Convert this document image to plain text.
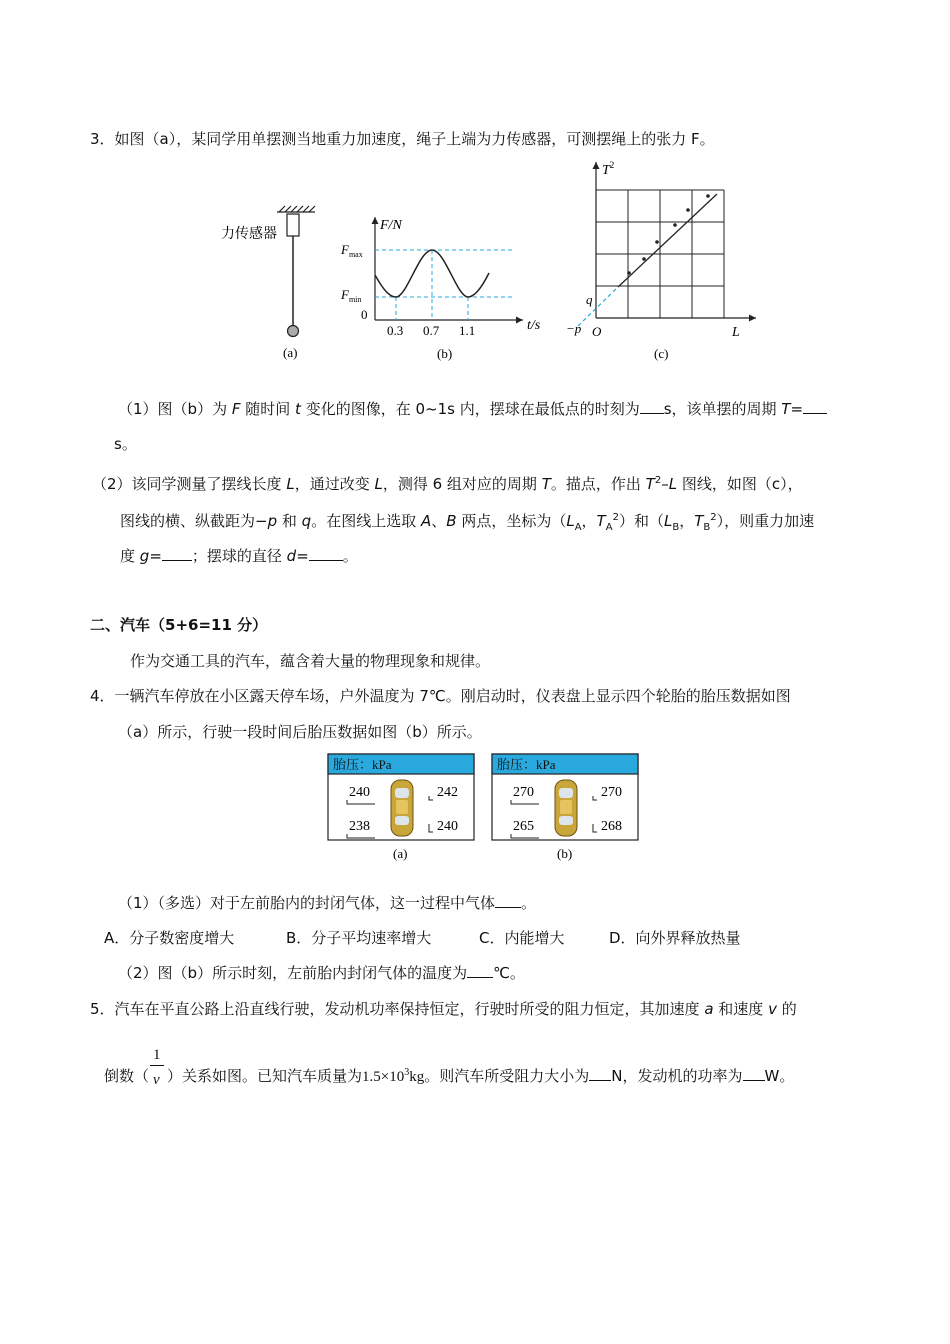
3．如图（a），某同学用单摆测当地重力加速度，绳子上端为力传感器，可测摆绳上的张力 F。
力传感器
(a)
F/N
t/s
0
$F_{max}$
$F_{min}$
0.3 0.7 1.1
(b)
$T^2$
L
O
q
−p
(c)
（1）图（b）为 F 随时间 t 变化的图像，在 0~1s 内，摆球在最低点的时刻为 s，该单摆的周期 T=
s。
（2）该同学测量了摆线长度 L，通过改变 L，测得 6 组对应的周期 T。描点，作出 $T^2-L$ 图线，如图（c），
图线的横、纵截距为−p 和 q。在图线上选取 A、B 两点，坐标为（$L_A$，$T_A^2$）和（$L_B$，$T_B^2$），则重力加速
度 g= ；摆球的直径 d= 。
二、汽车（5+6=11 分）
作为交通工具的汽车，蕴含着大量的物理现象和规律。
4．一辆汽车停放在小区露天停车场，户外温度为 7℃。刚启动时，仪表盘上显示四个轮胎的胎压数据如图
（a）所示，行驶一段时间后胎压数据如图（b）所示。
胎压：kPa
240	242
238	240
(a)
胎压：kPa
270	270
265	268
(b)
（1）（多选）对于左前胎内的封闭气体，这一过程中气体 。
A．分子数密度增大	B．分子平均速率增大	C．内能增大	D．向外界释放热量
（2）图（b）所示时刻，左前胎内封闭气体的温度为 ℃。
5．汽车在平直公路上沿直线行驶，发动机功率保持恒定，行驶时所受的阻力恒定，其加速度 a 和速度 v 的
倒数（ $\frac{1}{v}$ ）关系如图。已知汽车质量为$1.5\times 10^3kg$。则汽车所受阻力大小为 N，发动机的功率为 W。
